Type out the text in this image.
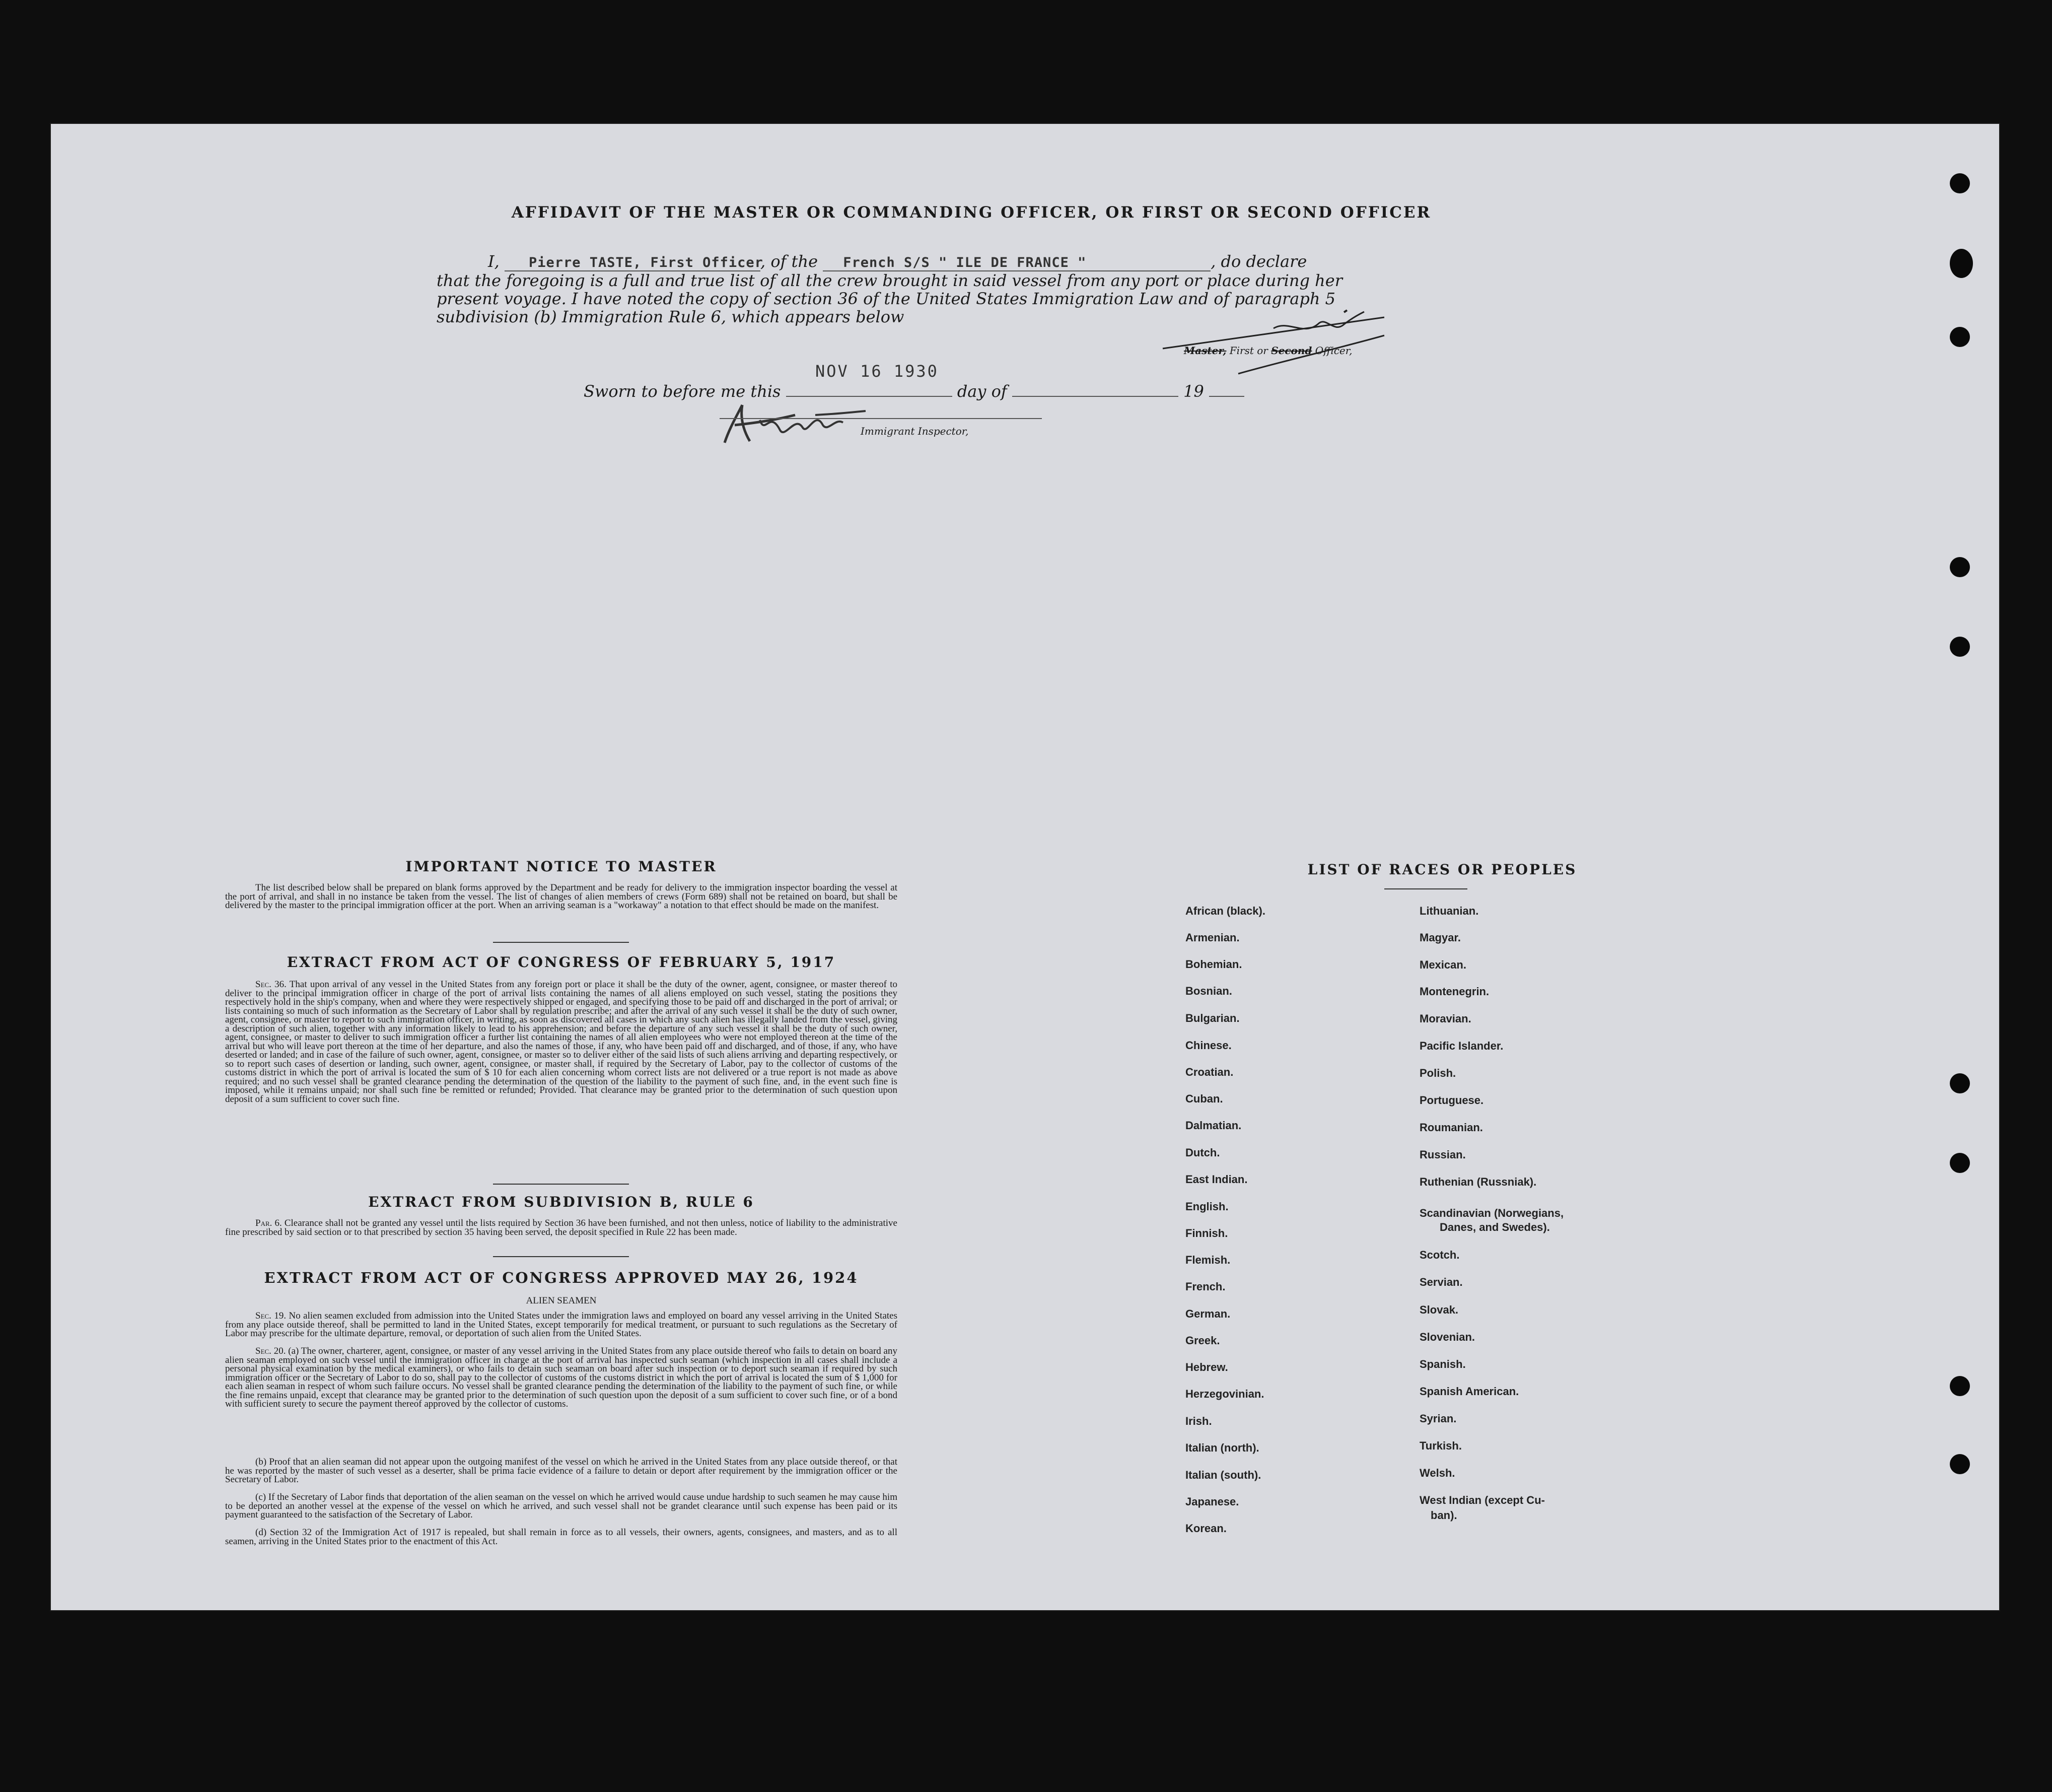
AFFIDAVIT OF THE MASTER OR COMMANDING OFFICER, OR FIRST OR SECOND OFFICER
I, Pierre TASTE, First Officer, of the French S/S " ILE DE FRANCE "	, do declare
that the foregoing is a full and true list of all the crew brought in said vessel from any port or place during her
present voyage. I have noted the copy of section 36 of the United States Immigration Law and of paragraph 5
subdivision (b) Immigration Rule 6, which appears below
Master, First or Second Officer,
NOV 16 1930
Sworn to before me this	day of	19
Immigrant Inspector,
IMPORTANT NOTICE TO MASTER

The list described below shall be prepared on blank forms approved by the Department and be ready for delivery to the immigration inspector boarding the vessel at the port of arrival, and shall in no instance be taken from the vessel. The list of changes of alien members of crews (Form 689) shall not be retained on board, but shall be delivered by the master to the principal immigration officer at the port. When an arriving seaman is a "workaway" a notation to that effect should be made on the manifest.

EXTRACT FROM ACT OF CONGRESS OF FEBRUARY 5, 1917

Sec. 36. That upon arrival of any vessel in the United States from any foreign port or place it shall be the duty of the owner, agent, consignee, or master thereof to deliver to the principal immigration officer in charge of the port of arrival lists containing the names of all aliens employed on such vessel, stating the positions they respectively hold in the ship's company, when and where they were respectively shipped or engaged, and specifying those to be paid off and discharged in the port of arrival; or lists containing so much of such information as the Secretary of Labor shall by regulation prescribe; and after the arrival of any such vessel it shall be the duty of such owner, agent, consignee, or master to report to such immigration officer, in writing, as soon as discovered all cases in which any such alien has illegally landed from the vessel, giving a description of such alien, together with any information likely to lead to his apprehension; and before the departure of any such vessel it shall be the duty of such owner, agent, consignee, or master to deliver to such immigration officer a further list containing the names of all alien employees who were not employed thereon at the time of the arrival but who will leave port thereon at the time of her departure, and also the names of those, if any, who have been paid off and discharged, and of those, if any, who have deserted or landed; and in case of the failure of such owner, agent, consignee, or master so to deliver either of the said lists of such aliens arriving and departing respectively, or so to report such cases of desertion or landing, such owner, agent, consignee, or master shall, if required by the Secretary of Labor, pay to the collector of customs of the customs district in which the port of arrival is located the sum of $ 10 for each alien concerning whom correct lists are not delivered or a true report is not made as above required; and no such vessel shall be granted clearance pending the determination of the question of the liability to the payment of such fine, and, in the event such fine is imposed, while it remains unpaid; nor shall such fine be remitted or refunded; Provided. That clearance may be granted prior to the determination of such question upon deposit of a sum sufficient to cover such fine.

EXTRACT FROM SUBDIVISION B, RULE 6

Par. 6. Clearance shall not be granted any vessel until the lists required by Section 36 have been furnished, and not then unless, notice of liability to the administrative fine prescribed by said section or to that prescribed by section 35 having been served, the deposit specified in Rule 22 has been made.

EXTRACT FROM ACT OF CONGRESS APPROVED MAY 26, 1924
ALIEN SEAMEN

Sec. 19. No alien seamen excluded from admission into the United States under the immigration laws and employed on board any vessel arriving in the United States from any place outside thereof, shall be permitted to land in the United States, except temporarily for medical treatment, or pursuant to such regulations as the Secretary of Labor may prescribe for the ultimate departure, removal, or deportation of such alien from the United States.

Sec. 20. (a) The owner, charterer, agent, consignee, or master of any vessel arriving in the United States from any place outside thereof who fails to detain on board any alien seaman employed on such vessel until the immigration officer in charge at the port of arrival has inspected such seaman (which inspection in all cases shall include a personal physical examination by the medical examiners), or who fails to detain such seaman on board after such inspection or to deport such seaman if required by such immigration officer or the Secretary of Labor to do so, shall pay to the collector of customs of the customs district in which the port of arrival is located the sum of $ 1,000 for each alien seaman in respect of whom such failure occurs. No vessel shall be granted clearance pending the determination of the liability to the payment of such fine, or while the fine remains unpaid, except that clearance may be granted prior to the determination of such question upon the deposit of a sum sufficient to cover such fine, or of a bond with sufficient surety to secure the payment thereof approved by the collector of customs.

(b) Proof that an alien seaman did not appear upon the outgoing manifest of the vessel on which he arrived in the United States from any place outside thereof, or that he was reported by the master of such vessel as a deserter, shall be prima facie evidence of a failure to detain or deport after requirement by the immigration officer or the Secretary of Labor.

(c) If the Secretary of Labor finds that deportation of the alien seaman on the vessel on which he arrived would cause undue hardship to such seamen he may cause him to be deported an another vessel at the expense of the vessel on which he arrived, and such vessel shall not be grandet clearance until such expense has been paid or its payment guaranteed to the satisfaction of the Secretary of Labor.

(d) Section 32 of the Immigration Act of 1917 is repealed, but shall remain in force as to all vessels, their owners, agents, consignees, and masters, and as to all seamen, arriving in the United States prior to the enactment of this Act.

LIST OF RACES OR PEOPLES
African (black).
Armenian.
Bohemian.
Bosnian.
Bulgarian.
Chinese.
Croatian.
Cuban.
Dalmatian.
Dutch.
East Indian.
English.
Finnish.
Flemish.
French.
German.
Greek.
Hebrew.
Herzegovinian.
Irish.
Italian (north).
Italian (south).
Japanese.
Korean.
Lithuanian.
Magyar.
Mexican.
Montenegrin.
Moravian.
Pacific Islander.
Polish.
Portuguese.
Roumanian.
Russian.
Ruthenian (Russniak).
Scandinavian (Norwegians,
Danes, and Swedes).
Scotch.
Servian.
Slovak.
Slovenian.
Spanish.
Spanish American.
Syrian.
Turkish.
Welsh.
West Indian (except Cu-
ban).
